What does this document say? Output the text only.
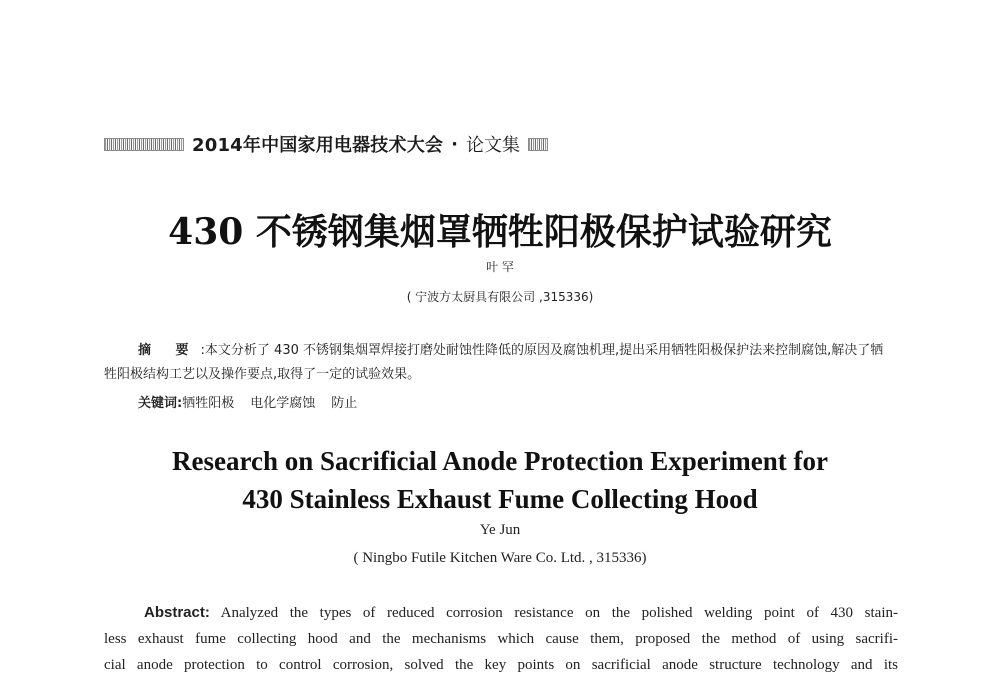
2014年中国家用电器技术大会 · 论文集
430 不锈钢集烟罩牺牲阳极保护试验研究
叶 罕
( 宁波方太厨具有限公司 ,315336)
摘 要 :本文分析了 430 不锈钢集烟罩焊接打磨处耐蚀性降低的原因及腐蚀机理,提出采用牺牲阳极保护法来控制腐蚀,解决了牺牲阳极结构工艺以及操作要点,取得了一定的试验效果。
关键词:牺牲阳极 电化学腐蚀 防止
Research on Sacrificial Anode Protection Experiment for
430 Stainless Exhaust Fume Collecting Hood
Ye Jun
( Ningbo Futile Kitchen Ware Co. Ltd. , 315336)
Abstract: Analyzed the types of reduced corrosion resistance on the polished welding point of 430 stain-
less exhaust fume collecting hood and the mechanisms which cause them, proposed the method of using sacrifi-
cial anode protection to control corrosion, solved the key points on sacrificial anode structure technology and its
